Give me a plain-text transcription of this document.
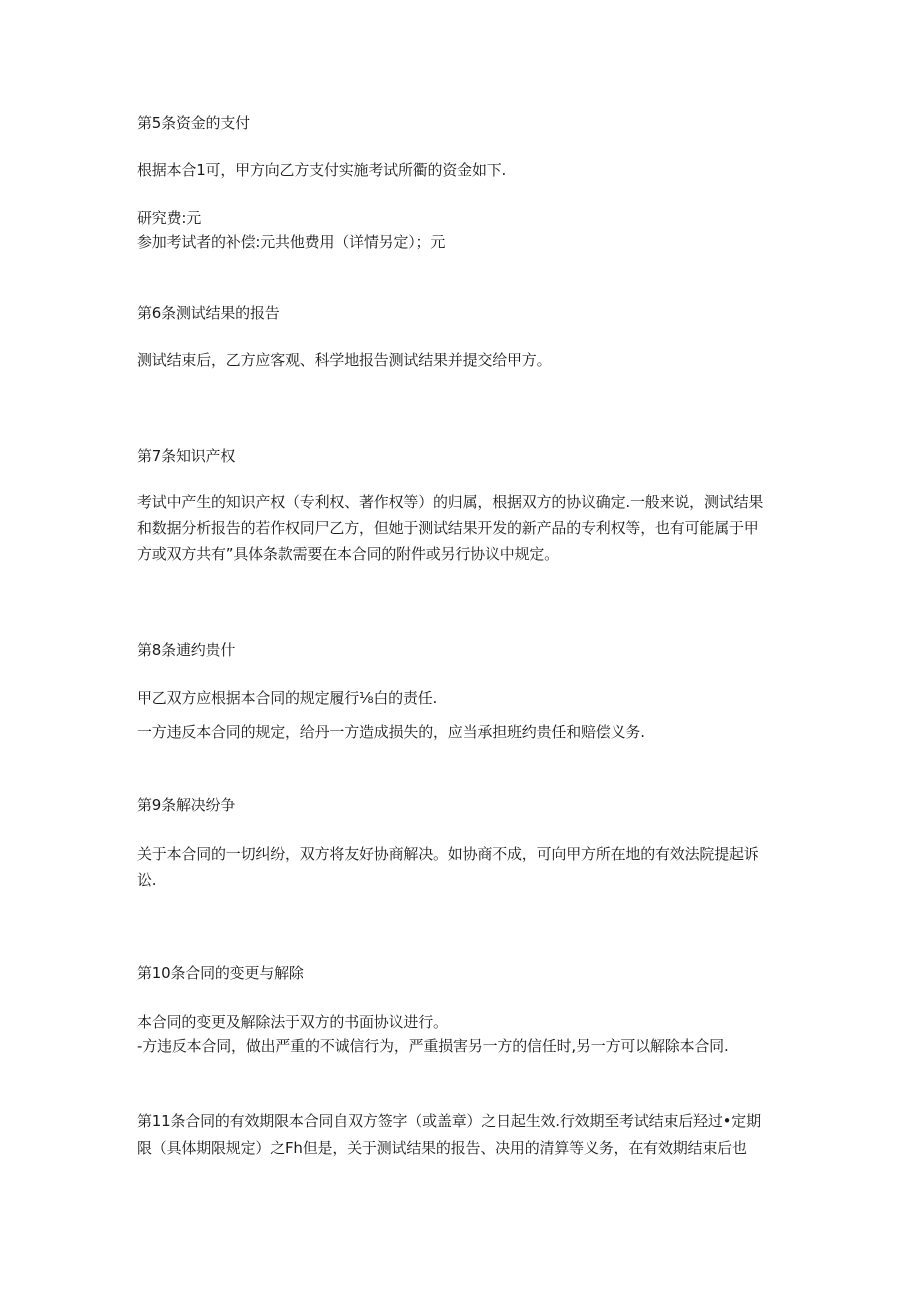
第5条资金的支付
根据本合1可，甲方向乙方支付实施考试所衢的资金如下.
研究费:元
参加考试者的补偿:元共他费用（详情另定）；元
第6条测试结果的报告
测试结束后，乙方应客观、科学地报告测试结果并提交给甲方。
第7条知识产权
考试中产生的知识产权（专利权、著作权等）的归属，根据双方的协议确定.一般来说，测试结果
和数据分析报告的若作权同尸乙方，但她于测试结果开发的新产品的专利权等，也有可能属于甲
方或双方共有”具体条款需要在本合同的附件或另行协议中规定。
第8条逋约贵什
甲乙双方应根据本合同的规定履行⅛白的责任.
一方违反本合同的规定，给丹一方造成损失的，应当承担班约贵任和赔偿义务.
第9条解决纷争
关于本合同的一切纠纷，双方将友好协商解决。如协商不成，可向甲方所在地的有效法院提起诉
讼.
第10条合同的变更与解除
本合同的变更及解除法于双方的书面协议进行。
-方违反本合同，做出严重的不诚信行为，严重损害另一方的信任时,另一方可以解除本合同.
第11条合同的有效期限本合同自双方签字（或盖章）之日起生效.行效期至考试结束后羟过•定期
限（具体期限规定）之Fh但是，关于测试结果的报告、决用的清算等义务，在有效期结束后也
